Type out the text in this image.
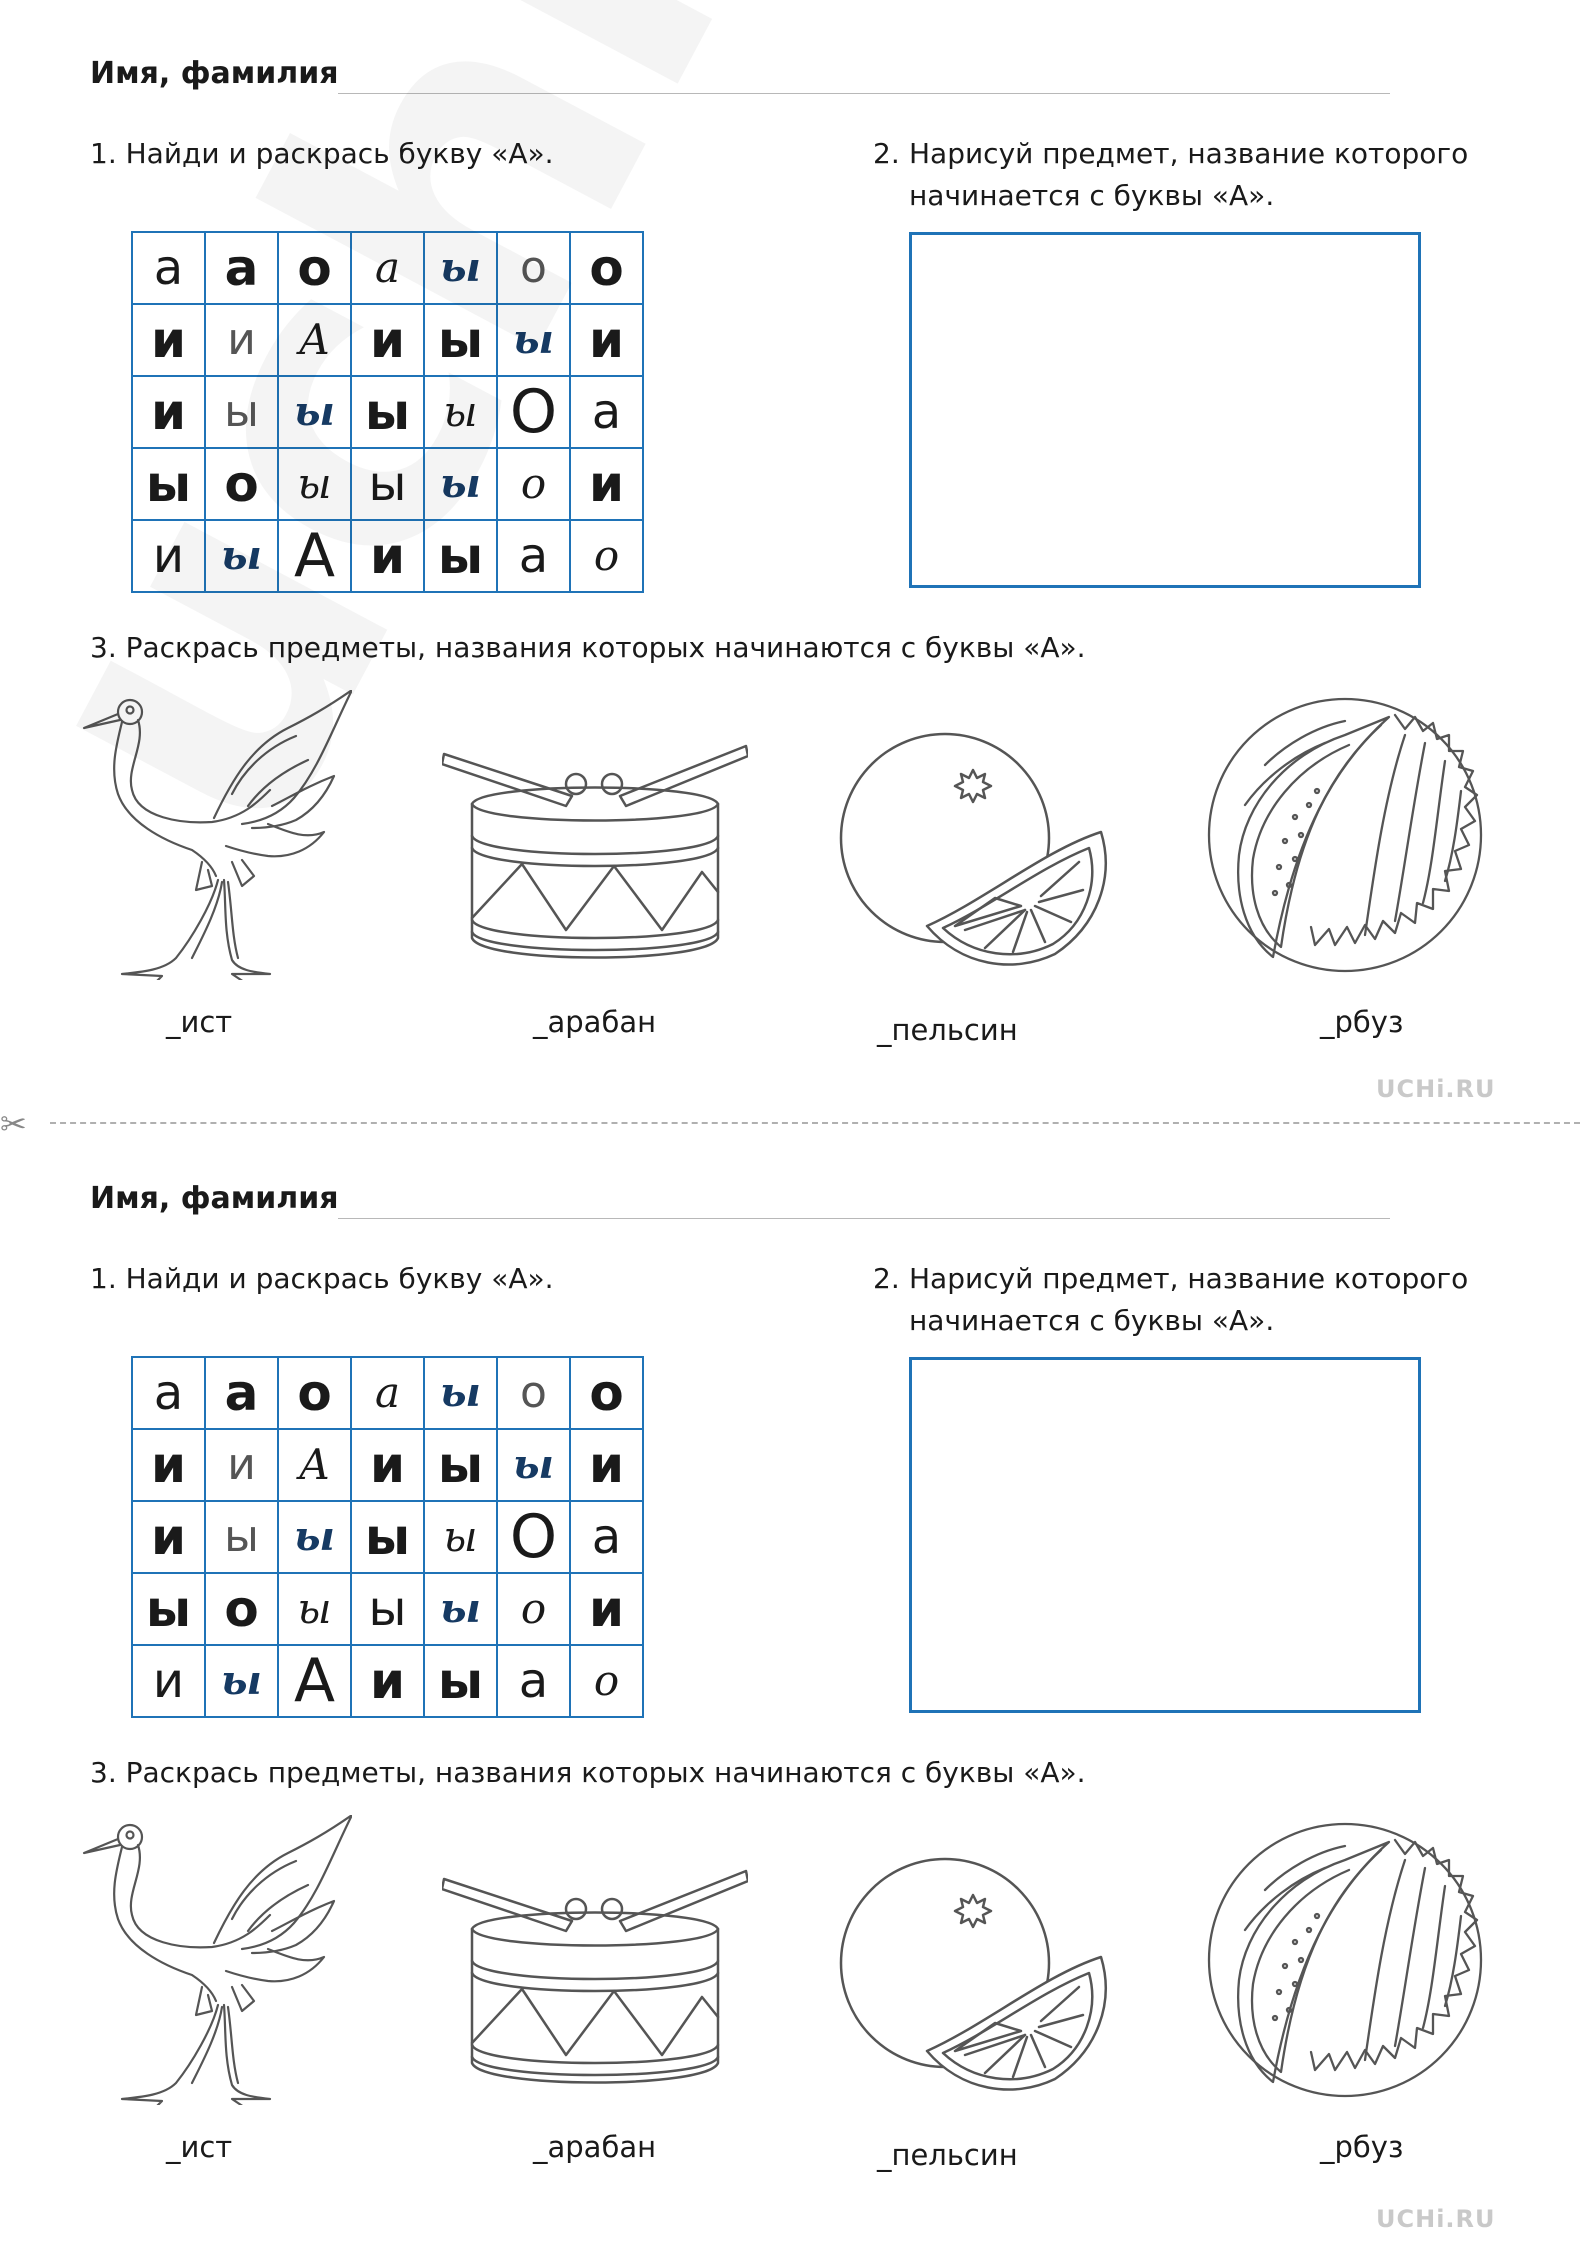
Имя, фамилия
1. Найди и раскрась букву «А».	2. Нарисуй предмет, название которого начинается с буквы «А».
а	а	о	а	ы	о	о
и	и	А	и	ы	ы	и
и	ы	ы	ы	ы	О	а
ы	о	ы	ы	ы	о	и
и	ы	А	и	ы	а	о
3. Раскрась предметы, названия которых начинаются с буквы «А».
_ист	_арабан	_пельсин	_рбуз
Имя, фамилия
1. Найди и раскрась букву «А».	2. Нарисуй предмет, название которого начинается с буквы «А».
а	а	о	а	ы	о	о
и	и	А	и	ы	ы	и
и	ы	ы	ы	ы	О	а
ы	о	ы	ы	ы	о	и
и	ы	А	и	ы	а	о
3. Раскрась предметы, названия которых начинаются с буквы «А».
_ист	_арабан	_пельсин	_рбуз
✂
UCHi.RU
UCHi.RU
